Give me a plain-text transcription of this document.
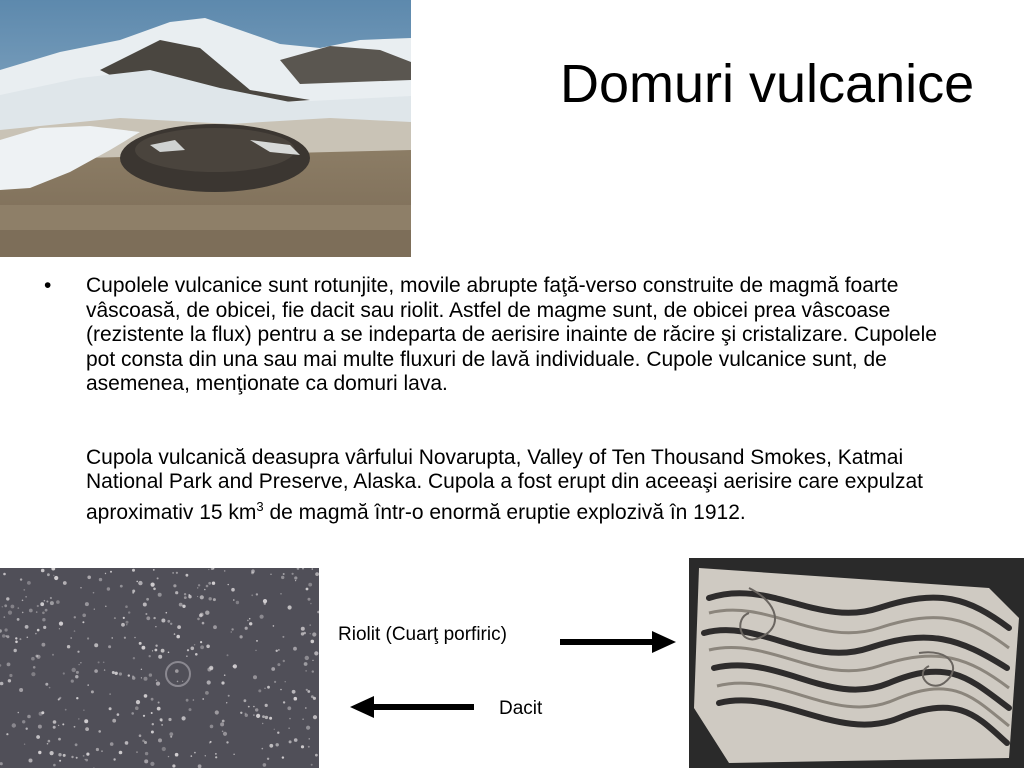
Domuri vulcanice

• Cupolele vulcanice sunt rotunjite, movile abrupte faţă-verso construite de magmă foarte vâscoasă, de obicei, fie dacit sau riolit. Astfel de magme sunt, de obicei prea vâscoase (rezistente la flux) pentru a se indeparta de aerisire inainte de răcire şi cristalizare. Cupolele pot consta din una sau mai multe fluxuri de lavă individuale. Cupole vulcanice sunt, de asemenea, menţionate ca domuri lava.

Cupola vulcanică deasupra vârfului Novarupta, Valley of Ten Thousand Smokes, Katmai National Park and Preserve, Alaska. Cupola a fost erupt din aceeaşi aerisire care expulzat aproximativ 15 $km^3$ de magmă într-o enormă eruptie explozivă în 1912.

Riolit (Cuarţ porfiric)
Dacit
